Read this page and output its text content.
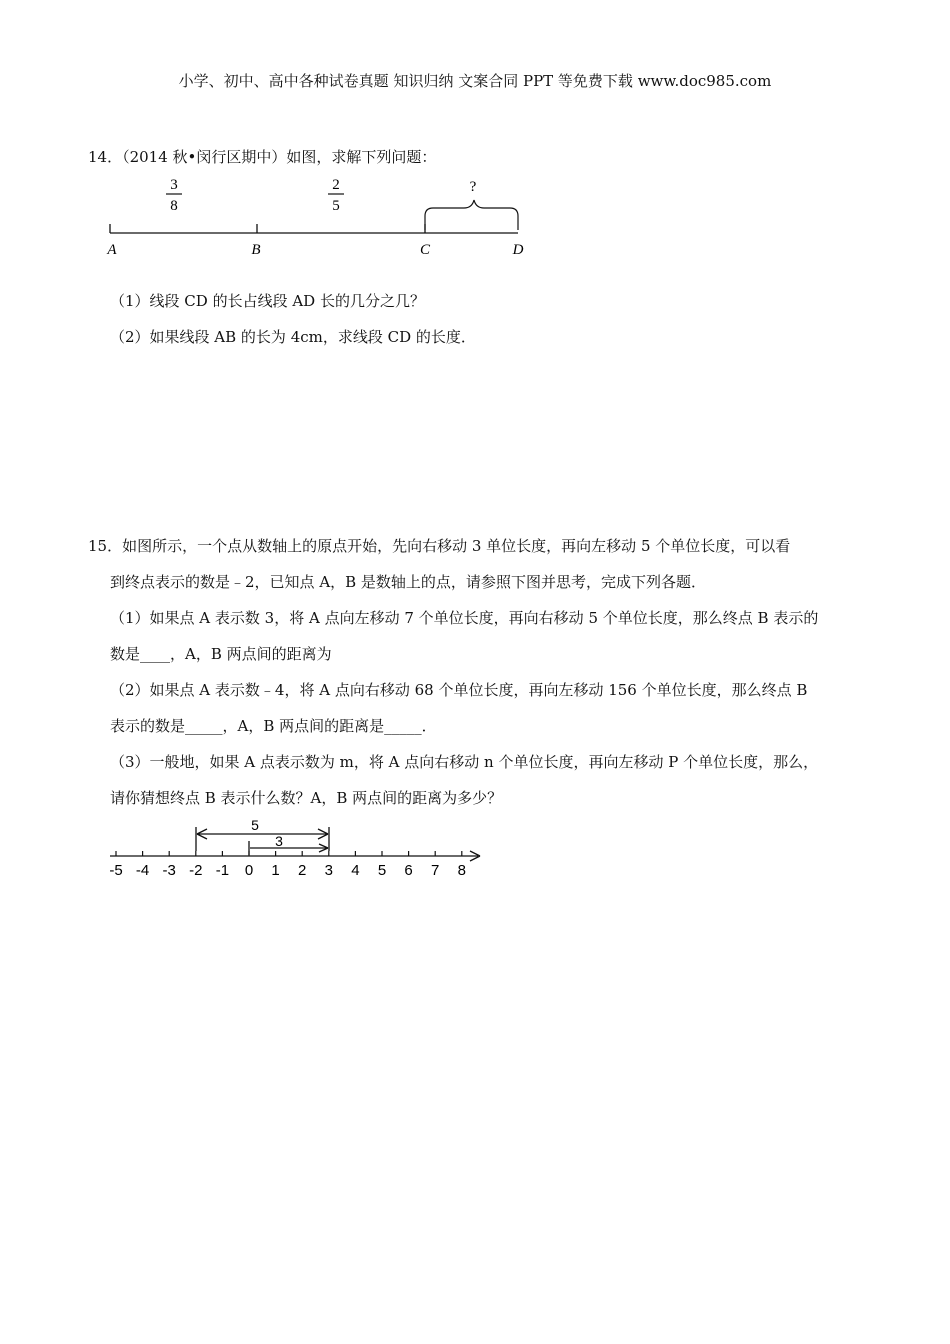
小学、初中、高中各种试卷真题 知识归纳 文案合同 PPT 等免费下载 www.doc985.com
14．（2014 秋•闵行区期中）如图，求解下列问题：
3
8
2
5
?
A	B	C	D
（1）线段 CD 的长占线段 AD 长的几分之几？
（2）如果线段 AB 的长为 4cm，求线段 CD 的长度．
15．如图所示，一个点从数轴上的原点开始，先向右移动 3 单位长度，再向左移动 5 个单位长度，可以看
到终点表示的数是﹣2，已知点 A，B 是数轴上的点，请参照下图并思考，完成下列各题．
（1）如果点 A 表示数 3，将 A 点向左移动 7 个单位长度，再向右移动 5 个单位长度，那么终点 B 表示的
数是____，A，B 两点间的距离为
（2）如果点 A 表示数﹣4，将 A 点向右移动 68 个单位长度，再向左移动 156 个单位长度，那么终点 B
表示的数是_____，A，B 两点间的距离是_____．
（3）一般地，如果 A 点表示数为 m，将 A 点向右移动 n 个单位长度，再向左移动 P 个单位长度，那么，
请你猜想终点 B 表示什么数？A，B 两点间的距离为多少？
5
3
-5 -4 -3 -2 -1 0 1 2 3 4 5 6 7 8
